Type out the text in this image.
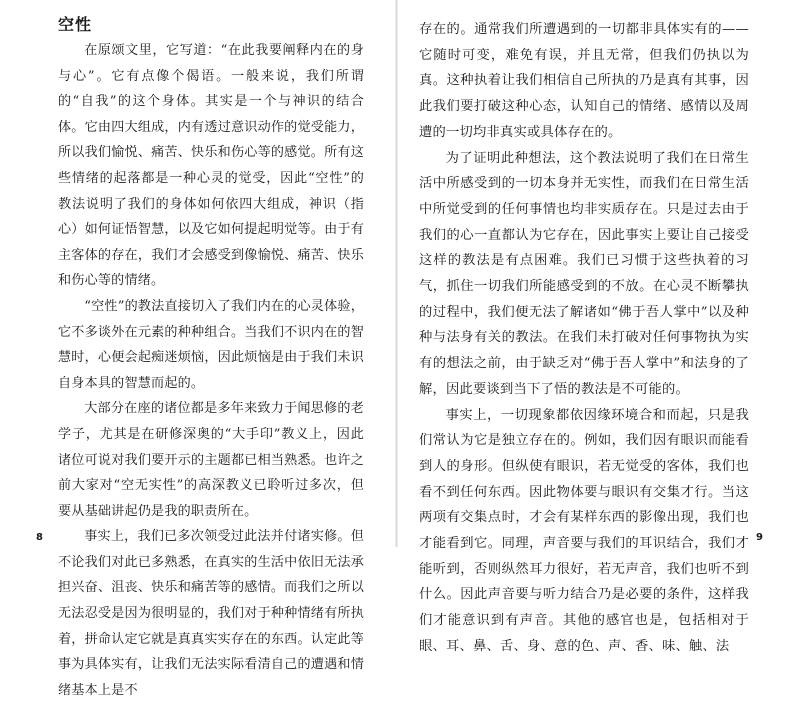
空性

在原颂文里，它写道：“在此我要阐释内在的身与心”。它有点像个偈语。一般来说，我们所谓的“自我”的这个身体。其实是一个与神识的结合体。它由四大组成，内有透过意识动作的觉受能力，所以我们愉悦、痛苦、快乐和伤心等的感觉。所有这些情绪的起落都是一种心灵的觉受，因此“空性”的教法说明了我们的身体如何依四大组成，神识（指心）如何证悟智慧，以及它如何提起明觉等。由于有主客体的存在，我们才会感受到像愉悦、痛苦、快乐和伤心等的情绪。

“空性”的教法直接切入了我们内在的心灵体验，它不多谈外在元素的种种组合。当我们不识内在的智慧时，心便会起痴迷烦恼，因此烦恼是由于我们未识自身本具的智慧而起的。

大部分在座的诸位都是多年来致力于闻思修的老学子，尤其是在研修深奥的“大手印”教义上，因此诸位可说对我们要开示的主题都已相当熟悉。也许之前大家对“空无实性”的高深教义已聆听过多次，但要从基础讲起仍是我的职责所在。

事实上，我们已多次领受过此法并付诸实修。但不论我们对此已多熟悉，在真实的生活中依旧无法承担兴奋、沮丧、快乐和痛苦等的感情。而我们之所以无法忍受是因为很明显的，我们对于种种情绪有所执着，拼命认定它就是真真实实存在的东西。认定此等事为具体实有，让我们无法实际看清自己的遭遇和情绪基本上是不

8

存在的。通常我们所遭遇到的一切都非具体实有的——它随时可变，难免有误，并且无常，但我们仍执以为真。这种执着让我们相信自己所执的乃是真有其事，因此我们要打破这种心态，认知自己的情绪、感情以及周遭的一切均非真实或具体存在的。

为了证明此种想法，这个教法说明了我们在日常生活中所感受到的一切本身并无实性，而我们在日常生活中所觉受到的任何事情也均非实质存在。只是过去由于我们的心一直都认为它存在，因此事实上要让自己接受这样的教法是有点困难。我们已习惯于这些执着的习气，抓住一切我们所能感受到的不放。在心灵不断攀执的过程中，我们便无法了解诸如“佛于吾人掌中”以及种种与法身有关的教法。在我们未打破对任何事物执为实有的想法之前，由于缺乏对“佛于吾人掌中”和法身的了解，因此要谈到当下了悟的教法是不可能的。

事实上，一切现象都依因缘环境合和而起，只是我们常认为它是独立存在的。例如，我们因有眼识而能看到人的身形。但纵使有眼识，若无觉受的客体，我们也看不到任何东西。因此物体要与眼识有交集才行。当这两项有交集点时，才会有某样东西的影像出现，我们也才能看到它。同理，声音要与我们的耳识结合，我们才能听到，否则纵然耳力很好，若无声音，我们也听不到什么。因此声音要与听力结合乃是必要的条件，这样我们才能意识到有声音。其他的感官也是，包括相对于眼、耳、鼻、舌、身、意的色、声、香、味、触、法

9
